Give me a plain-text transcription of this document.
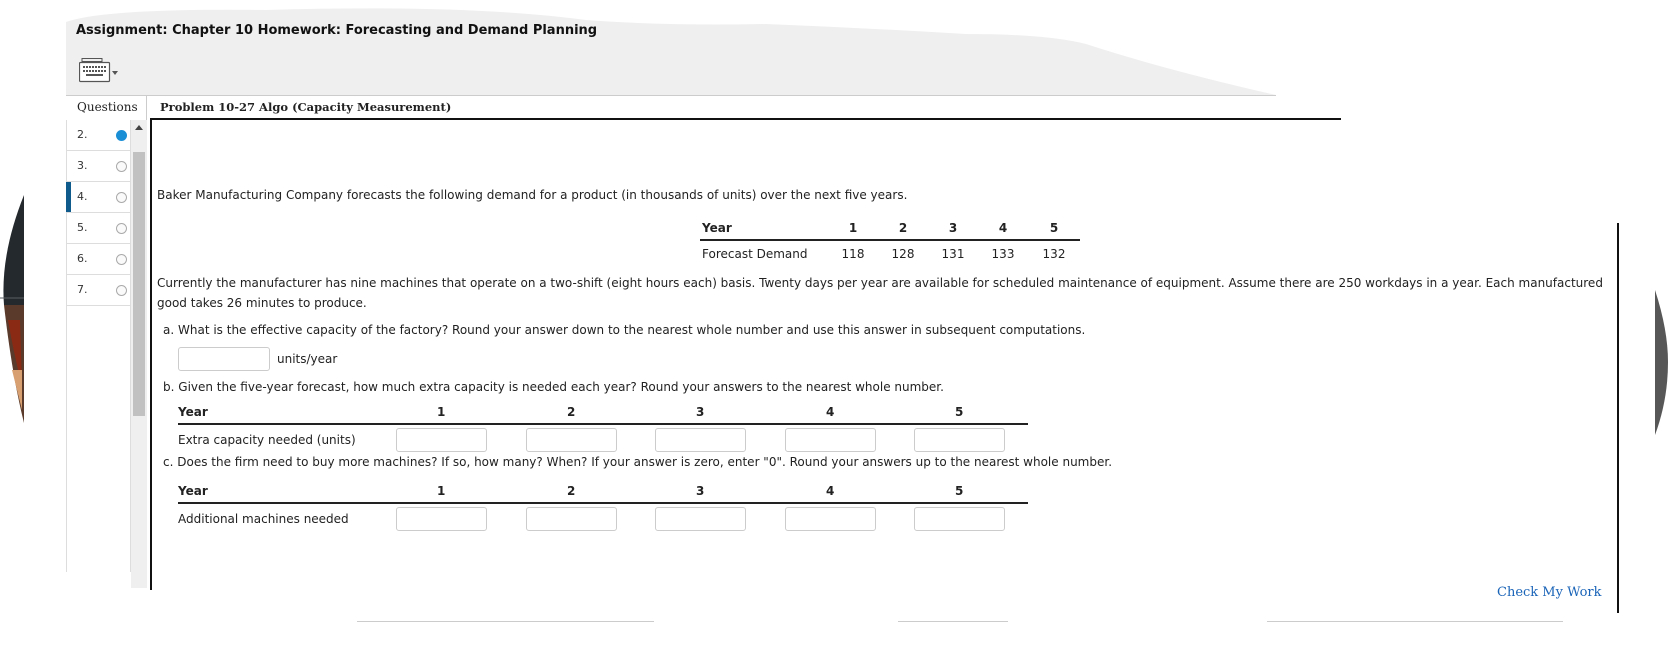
Assignment: Chapter 10 Homework: Forecasting and Demand Planning
Questions	Problem 10-27 Algo (Capacity Measurement)
2.
3.
4.
5.
6.
7.
Baker Manufacturing Company forecasts the following demand for a product (in thousands of units) over the next five years.
Year	1	2	3	4	5
Forecast Demand	118	128	131	133	132
Currently the manufacturer has nine machines that operate on a two-shift (eight hours each) basis. Twenty days per year are available for scheduled maintenance of equipment. Assume there are 250 workdays in a year. Each manufactured good takes 26 minutes to produce.
a. What is the effective capacity of the factory? Round your answer down to the nearest whole number and use this answer in subsequent computations.
units/year
b. Given the five-year forecast, how much extra capacity is needed each year? Round your answers to the nearest whole number.
Year	1	2	3	4	5
Extra capacity needed (units)
c. Does the firm need to buy more machines? If so, how many? When? If your answer is zero, enter "0". Round your answers up to the nearest whole number.
Year	1	2	3	4	5
Additional machines needed
Check My Work
